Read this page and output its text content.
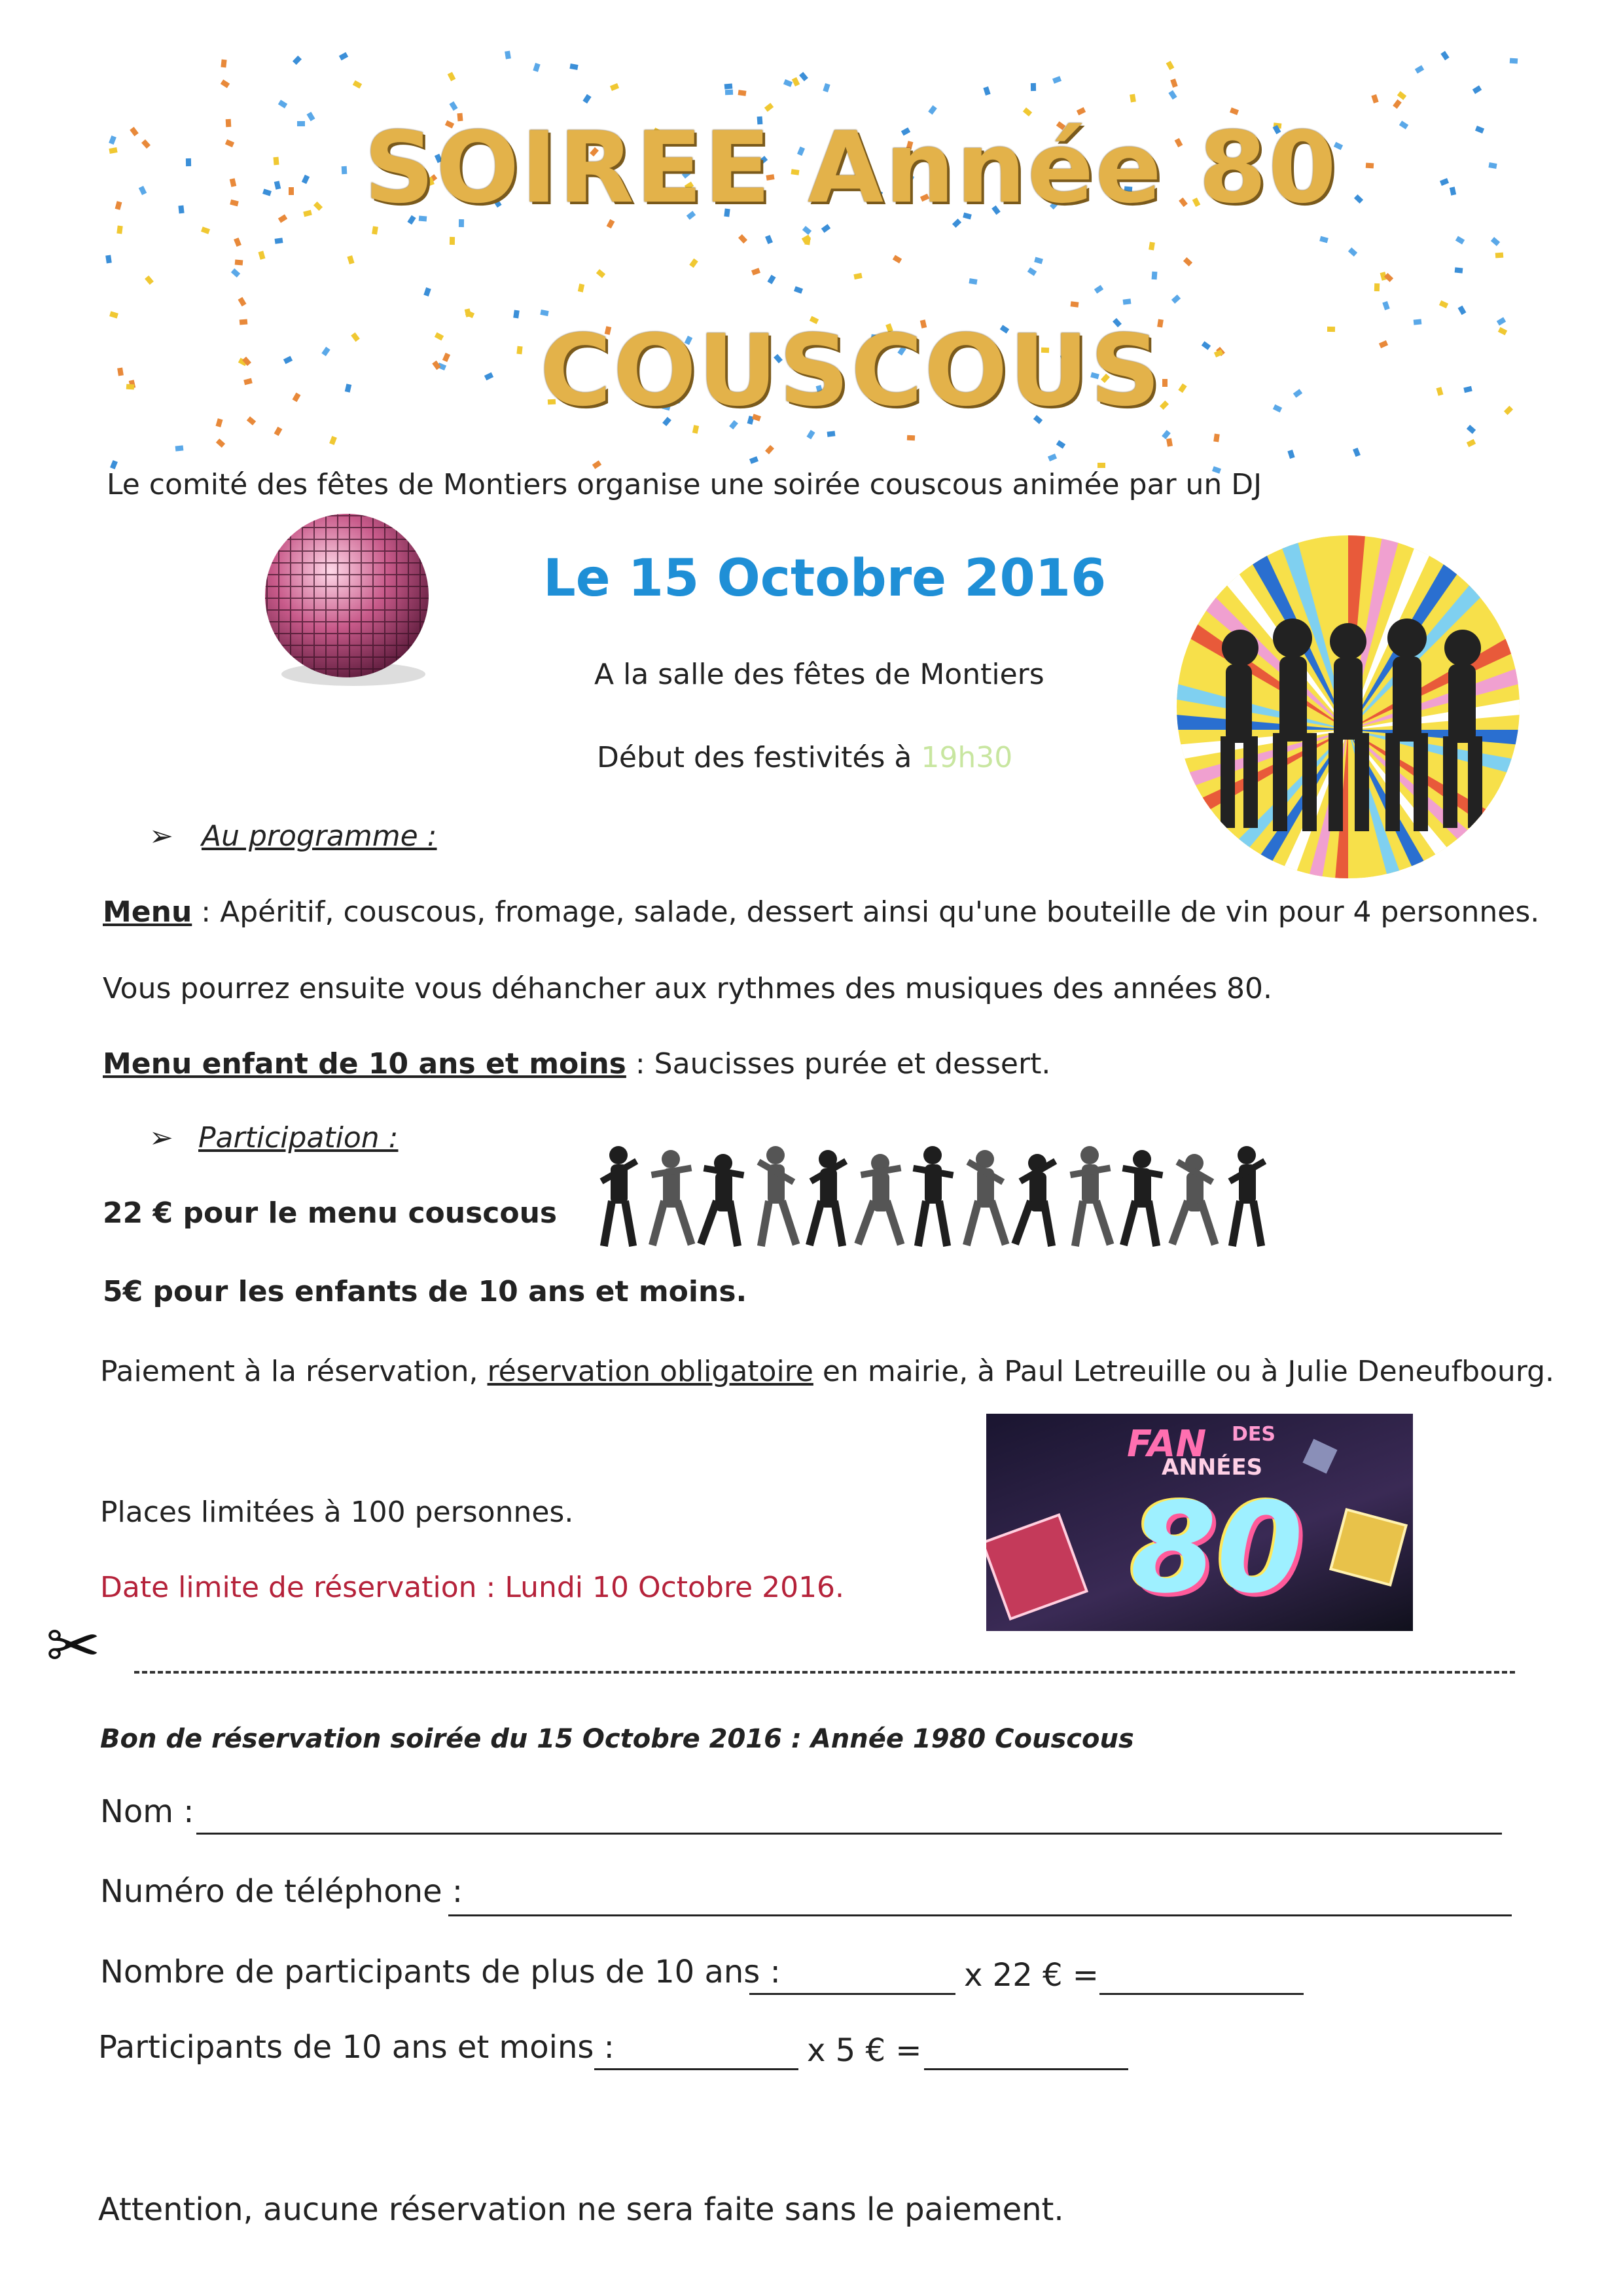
SOIREE Année 80
COUSCOUS
Le comité des fêtes de Montiers organise une soirée couscous animée par un DJ
Le 15 Octobre 2016
A la salle des fêtes de Montiers
Début des festivités à 19h30
➢ Au programme :
Menu : Apéritif, couscous, fromage, salade, dessert ainsi qu'une bouteille de vin pour 4 personnes.
Vous pourrez ensuite vous déhancher aux rythmes des musiques des années 80.
Menu enfant de 10 ans et moins : Saucisses purée et dessert.
➢ Participation :
22 € pour le menu couscous
5€ pour les enfants de 10 ans et moins.
Paiement à la réservation, réservation obligatoire en mairie, à Paul Letreuille ou à Julie Deneufbourg.
FAN DES
ANNÉES
80
Places limitées à 100 personnes.
Date limite de réservation : Lundi 10 Octobre 2016.
✂
Bon de réservation soirée du 15 Octobre 2016 : Année 1980 Couscous
Nom :
Numéro de téléphone :
Nombre de participants de plus de 10 ans :	x 22 € =
Participants de 10 ans et moins :	x 5 € =
Attention, aucune réservation ne sera faite sans le paiement.
